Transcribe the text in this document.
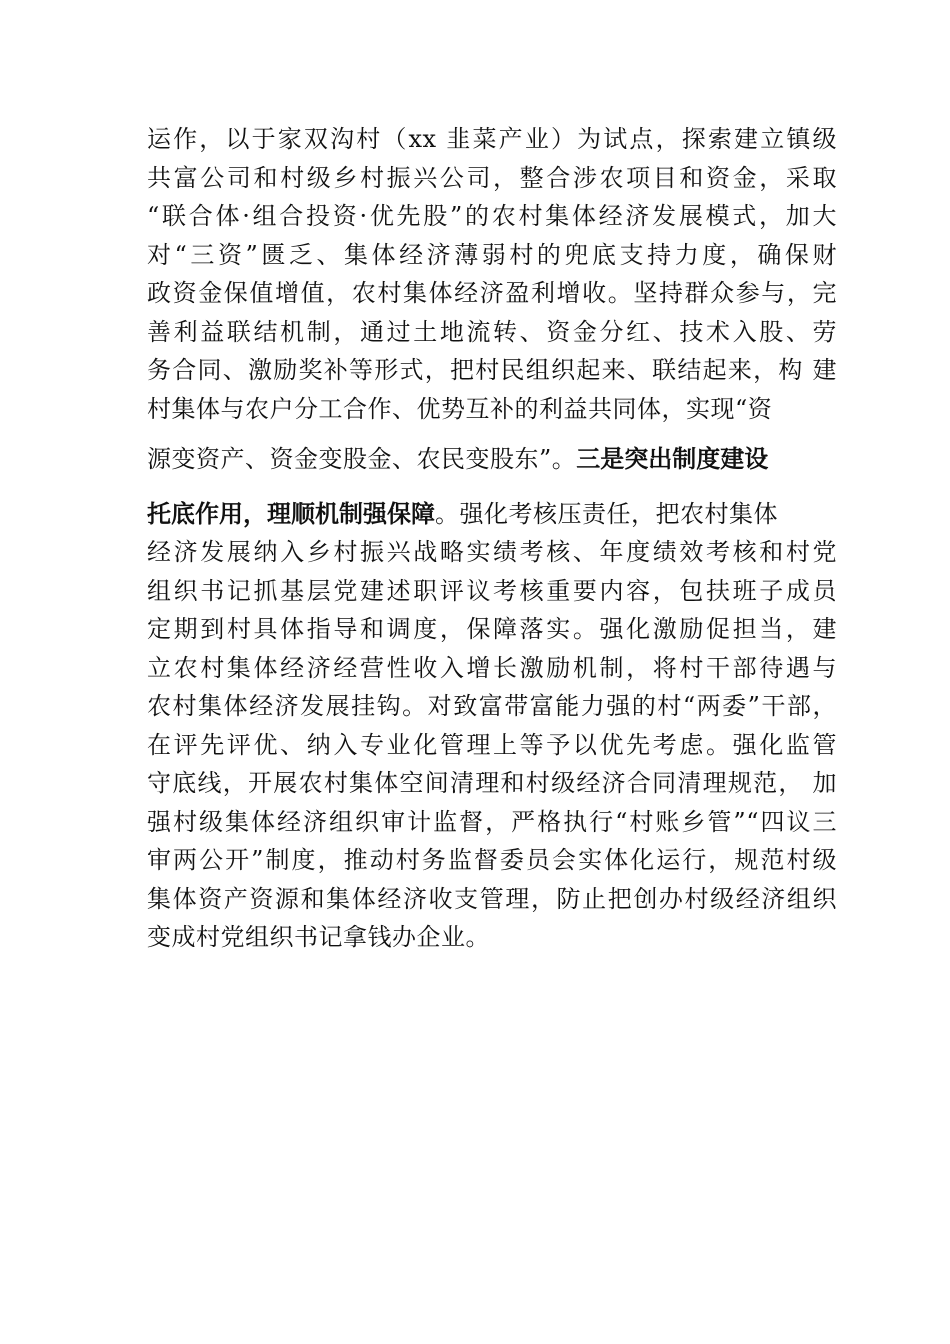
运作，以于家双沟村（xx 韭菜产业）为试点，探索建立镇级
共富公司和村级乡村振兴公司，整合涉农项目和资金，采取
“联合体·组合投资·优先股”的农村集体经济发展模式，加大
对“三资”匮乏、集体经济薄弱村的兜底支持力度，确保财
政资金保值增值，农村集体经济盈利增收。坚持群众参与，完
善利益联结机制，通过土地流转、资金分红、技术入股、劳
务合同、激励奖补等形式，把村民组织起来、联结起来，构 建
村集体与农户分工合作、优势互补的利益共同体，实现“资
源变资产、资金变股金、农民变股东”。三是突出制度建设
托底作用，理顺机制强保障。强化考核压责任，把农村集体
经济发展纳入乡村振兴战略实绩考核、年度绩效考核和村党
组织书记抓基层党建述职评议考核重要内容，包扶班子成员
定期到村具体指导和调度，保障落实。强化激励促担当，建
立农村集体经济经营性收入增长激励机制，将村干部待遇与
农村集体经济发展挂钩。对致富带富能力强的村“两委”干部，
在评先评优、纳入专业化管理上等予以优先考虑。强化监管
守底线，开展农村集体空间清理和村级经济合同清理规范， 加
强村级集体经济组织审计监督，严格执行“村账乡管”“四议三
审两公开”制度，推动村务监督委员会实体化运行，规范村级
集体资产资源和集体经济收支管理，防止把创办村级经济组织
变成村党组织书记拿钱办企业。
